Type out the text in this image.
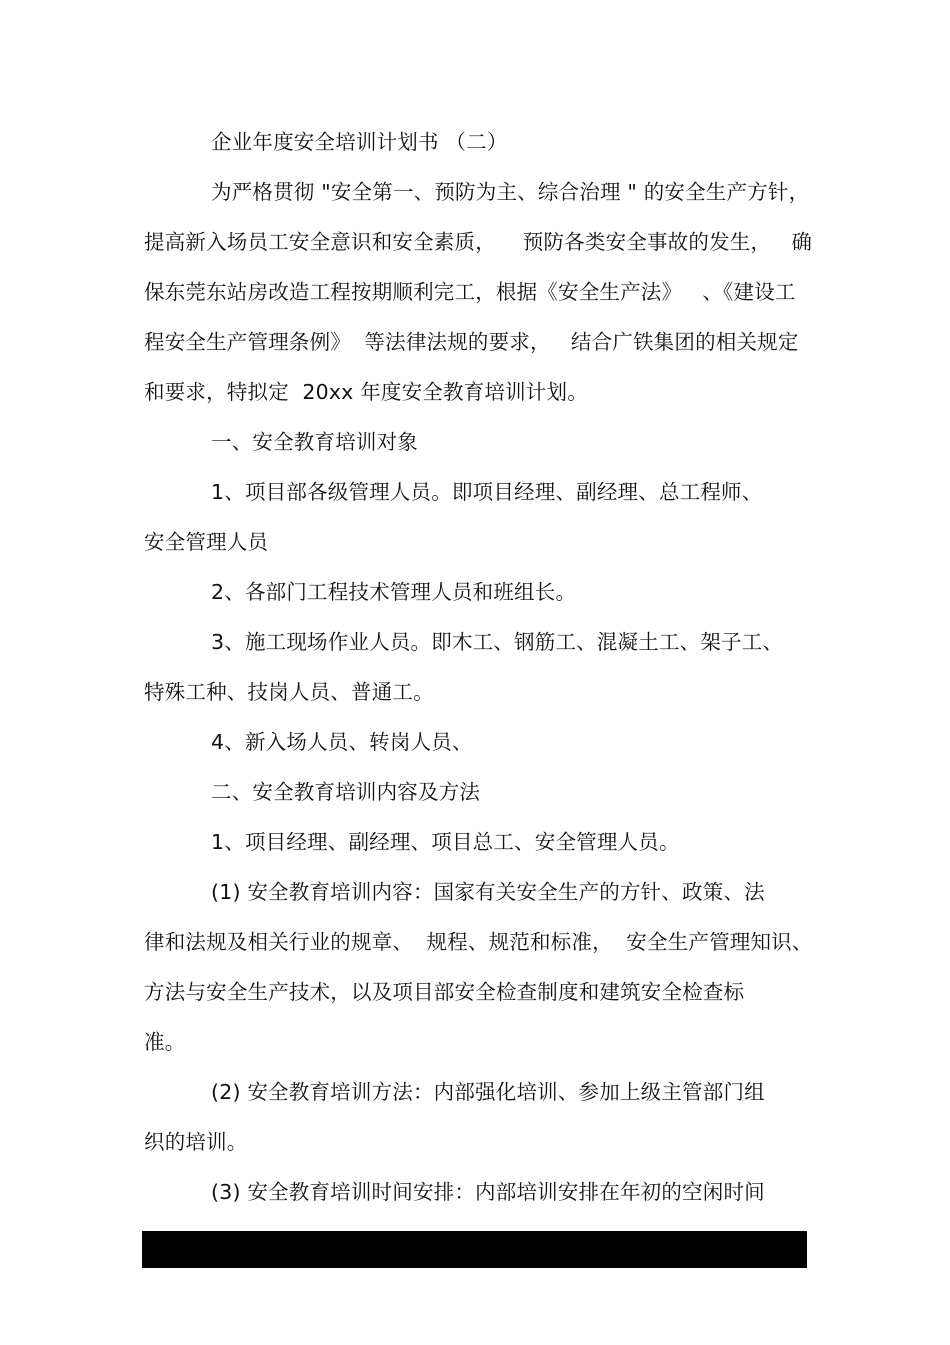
企业年度安全培训计划书 （二）
为严格贯彻 "安全第一、预防为主、综合治理 " 的安全生产方针，
提高新入场员工安全意识和安全素质，    预防各类安全事故的发生，   确
保东莞东站房改造工程按期顺利完工，根据《安全生产法》   、《建设工
程安全生产管理条例》  等法律法规的要求，   结合广铁集团的相关规定
和要求，特拟定  20xx 年度安全教育培训计划。
一、安全教育培训对象
1、项目部各级管理人员。即项目经理、副经理、总工程师、
安全管理人员
2、各部门工程技术管理人员和班组长。
3、施工现场作业人员。即木工、钢筋工、混凝土工、架子工、
特殊工种、技岗人员、普通工。
4、新入场人员、转岗人员、
二、安全教育培训内容及方法
1、项目经理、副经理、项目总工、安全管理人员。
(1) 安全教育培训内容：国家有关安全生产的方针、政策、法
律和法规及相关行业的规章、  规程、规范和标准，  安全生产管理知识、
方法与安全生产技术，以及项目部安全检查制度和建筑安全检查标
准。
(2) 安全教育培训方法：内部强化培训、参加上级主管部门组
织的培训。
(3) 安全教育培训时间安排：内部培训安排在年初的空闲时间
